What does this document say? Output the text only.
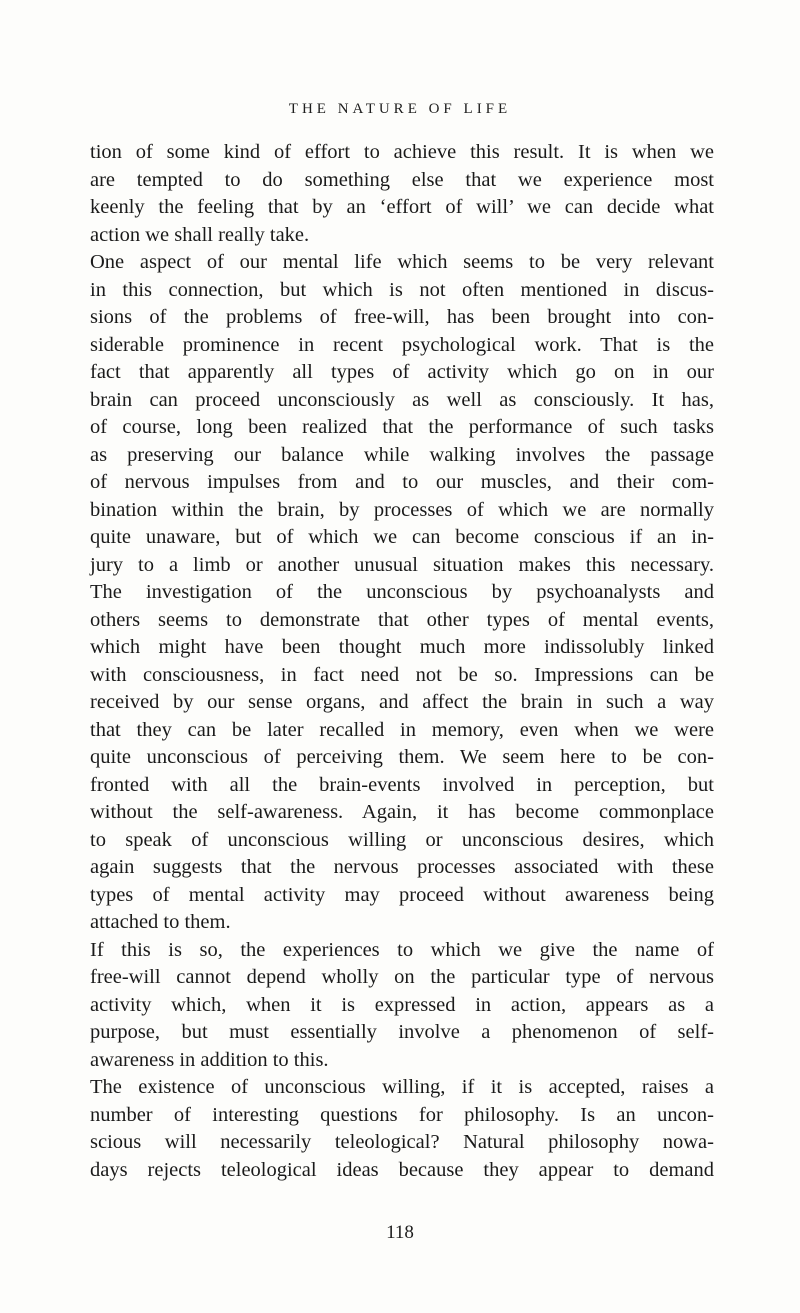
THE NATURE OF LIFE
tion of some kind of effort to achieve this result. It is when we
are tempted to do something else that we experience most
keenly the feeling that by an ‘effort of will’ we can decide what
action we shall really take.
One aspect of our mental life which seems to be very relevant
in this connection, but which is not often mentioned in discus-
sions of the problems of free-will, has been brought into con-
siderable prominence in recent psychological work. That is the
fact that apparently all types of activity which go on in our
brain can proceed unconsciously as well as consciously. It has,
of course, long been realized that the performance of such tasks
as preserving our balance while walking involves the passage
of nervous impulses from and to our muscles, and their com-
bination within the brain, by processes of which we are normally
quite unaware, but of which we can become conscious if an in-
jury to a limb or another unusual situation makes this necessary.
The investigation of the unconscious by psychoanalysts and
others seems to demonstrate that other types of mental events,
which might have been thought much more indissolubly linked
with consciousness, in fact need not be so. Impressions can be
received by our sense organs, and affect the brain in such a way
that they can be later recalled in memory, even when we were
quite unconscious of perceiving them. We seem here to be con-
fronted with all the brain-events involved in perception, but
without the self-awareness. Again, it has become commonplace
to speak of unconscious willing or unconscious desires, which
again suggests that the nervous processes associated with these
types of mental activity may proceed without awareness being
attached to them.
If this is so, the experiences to which we give the name of
free-will cannot depend wholly on the particular type of nervous
activity which, when it is expressed in action, appears as a
purpose, but must essentially involve a phenomenon of self-
awareness in addition to this.
The existence of unconscious willing, if it is accepted, raises a
number of interesting questions for philosophy. Is an uncon-
scious will necessarily teleological? Natural philosophy nowa-
days rejects teleological ideas because they appear to demand
118
